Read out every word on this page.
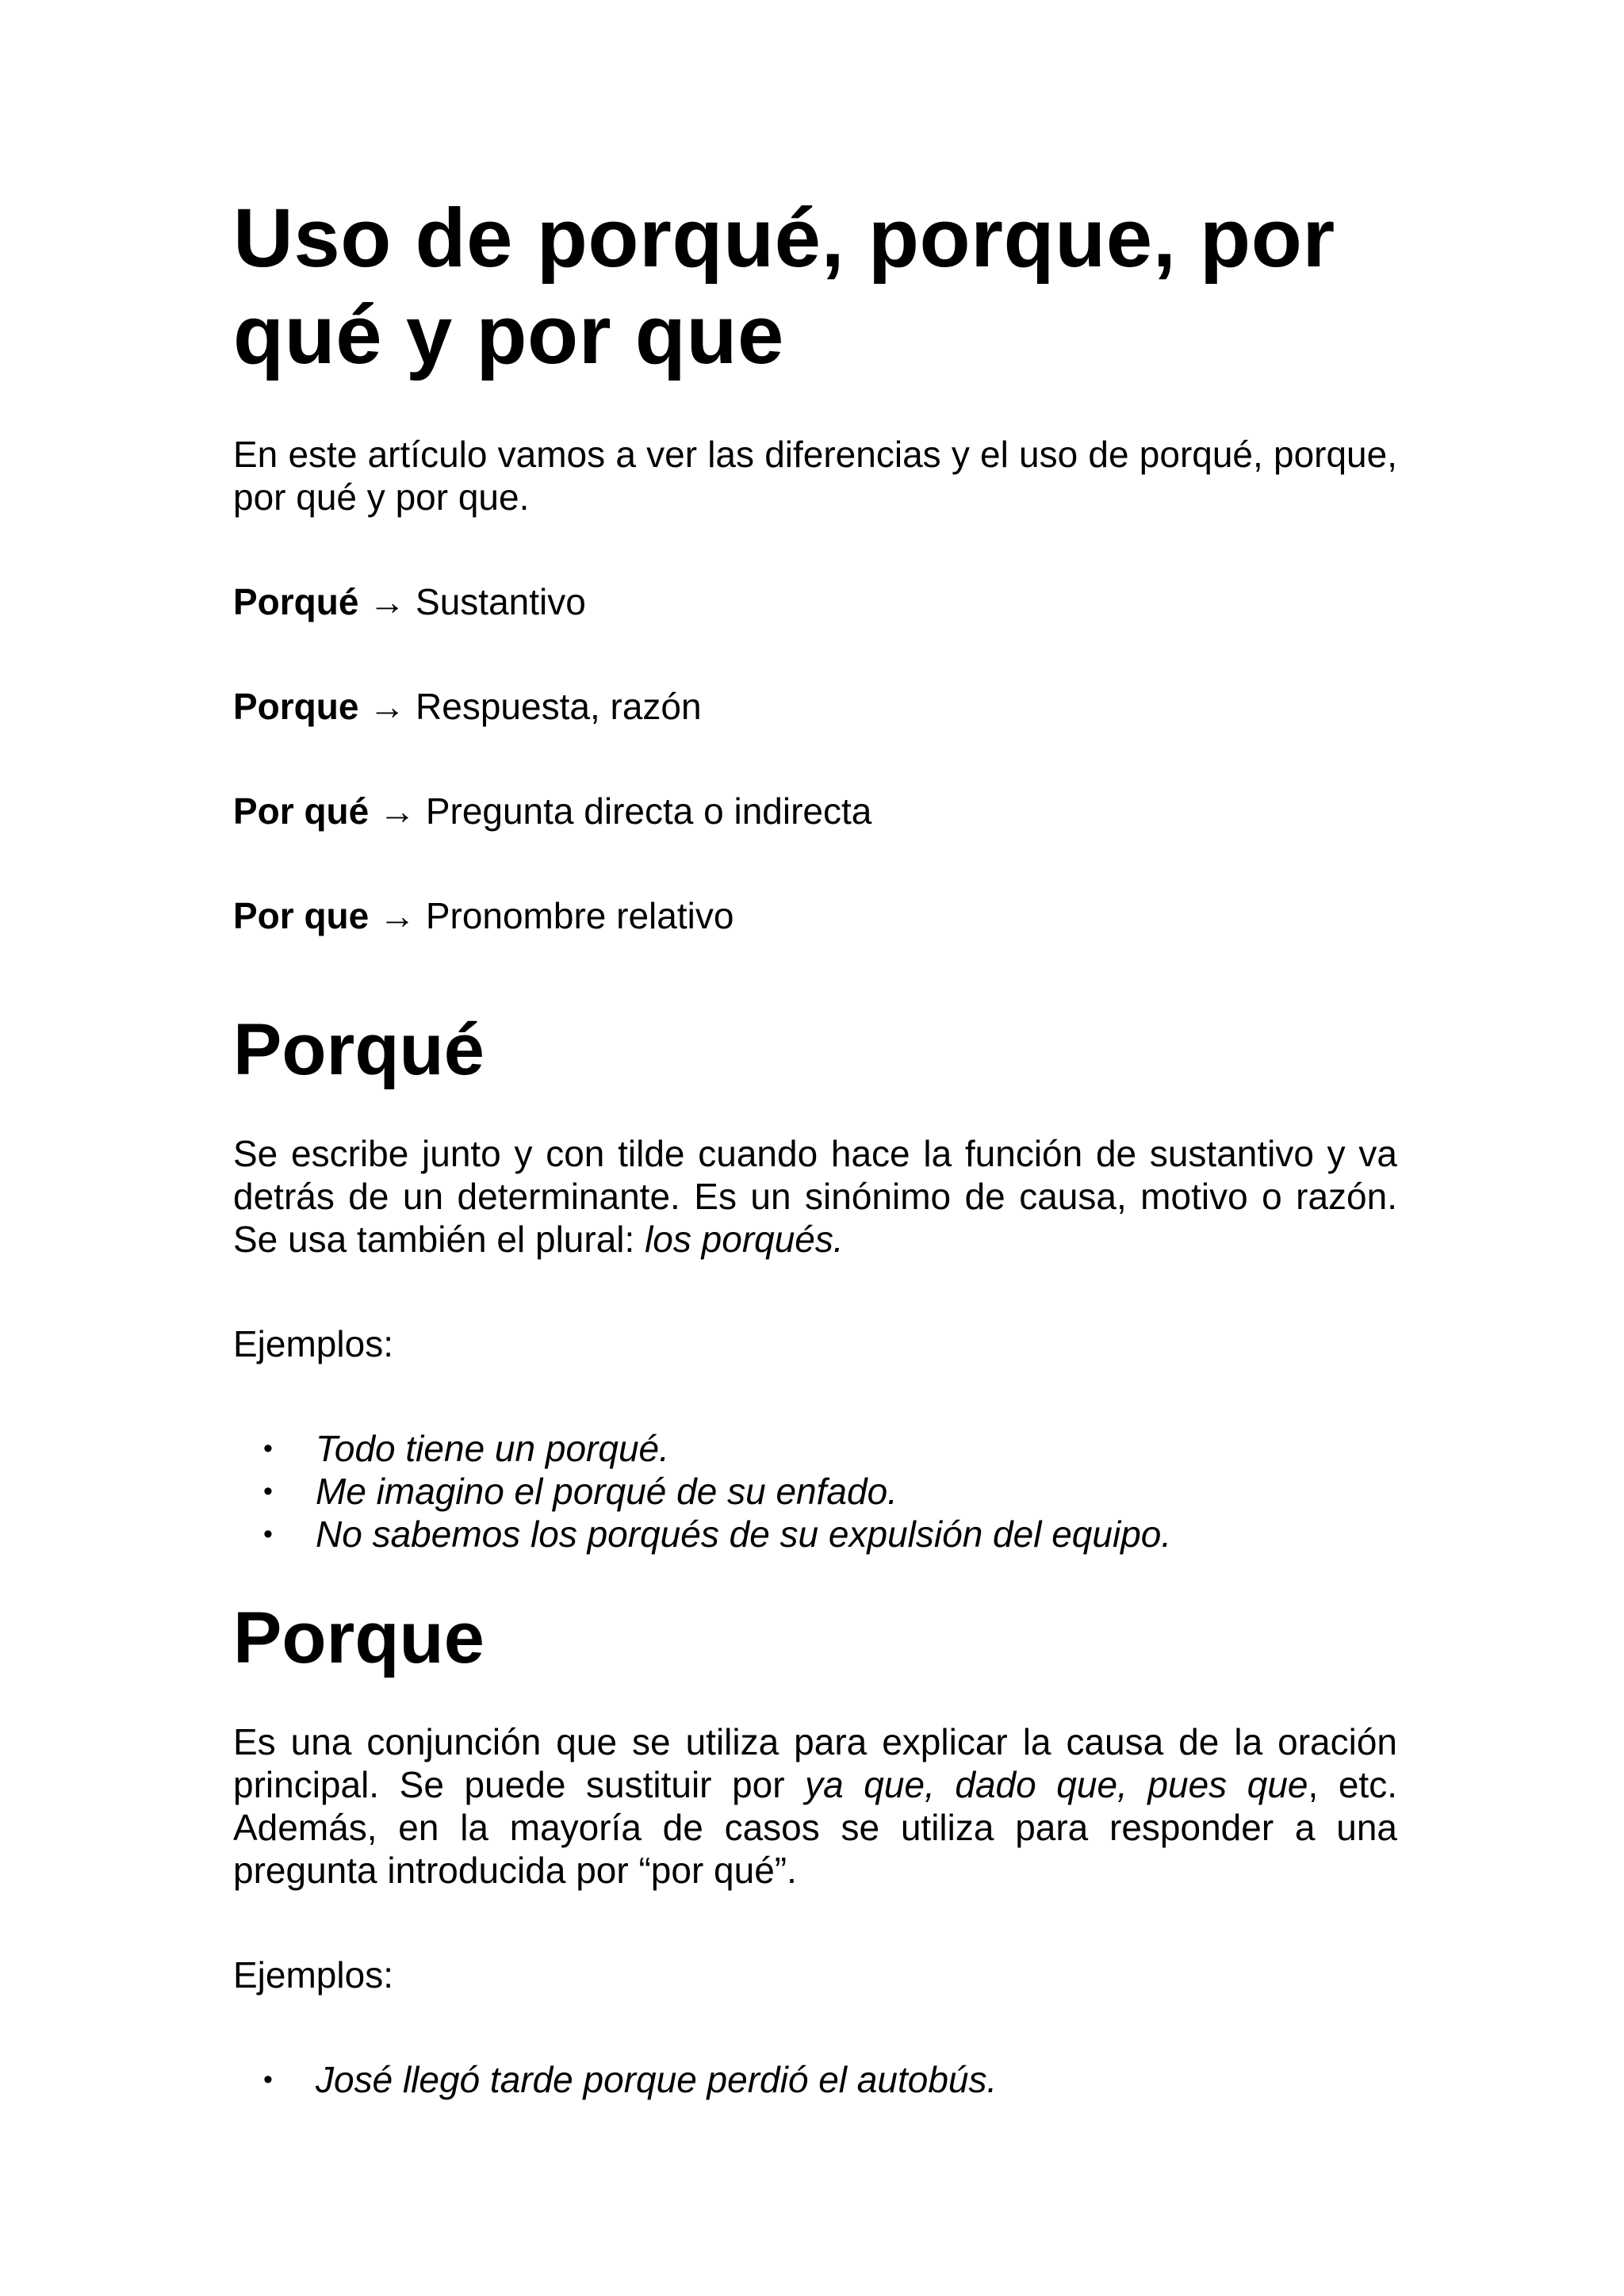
Uso de porqué, porque, por qué y por que

En este artículo vamos a ver las diferencias y el uso de porqué, porque, por qué y por que.

Porqué → Sustantivo

Porque → Respuesta, razón

Por qué → Pregunta directa o indirecta

Por que → Pronombre relativo

Porqué

Se escribe junto y con tilde cuando hace la función de sustantivo y va detrás de un determinante. Es un sinónimo de causa, motivo o razón. Se usa también el plural: los porqués.

Ejemplos:

• Todo tiene un porqué.
• Me imagino el porqué de su enfado.
• No sabemos los porqués de su expulsión del equipo.
Porque

Es una conjunción que se utiliza para explicar la causa de la oración principal. Se puede sustituir por ya que, dado que, pues que, etc. Además, en la mayoría de casos se utiliza para responder a una pregunta introducida por “por qué”.

Ejemplos:

• José llegó tarde porque perdió el autobús.
